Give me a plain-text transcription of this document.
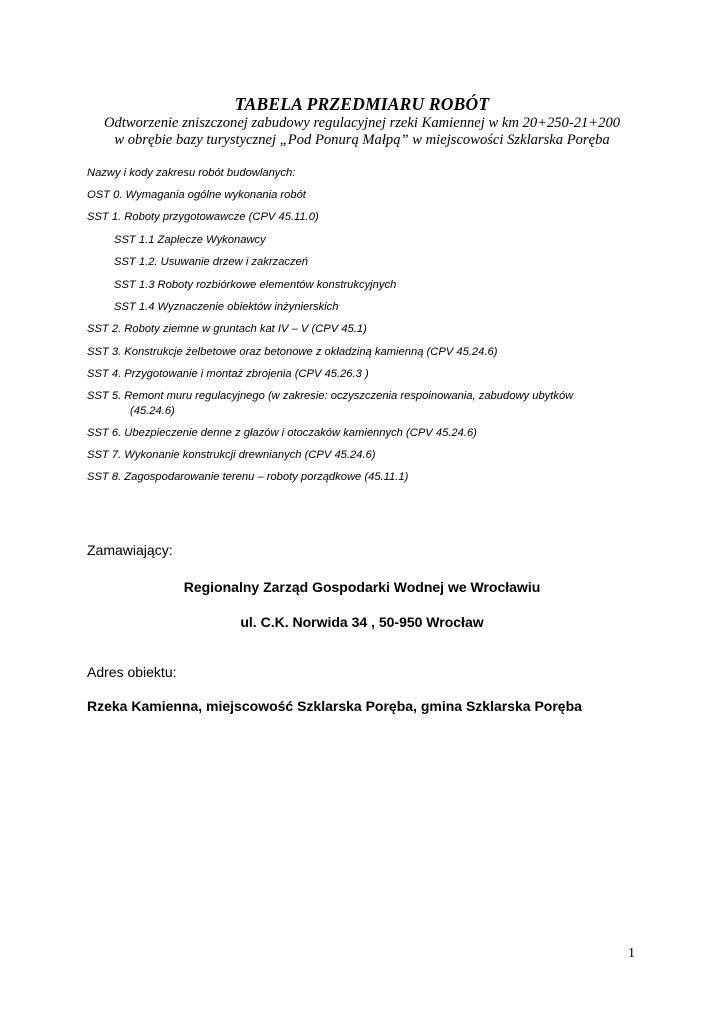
TABELA PRZEDMIARU ROBÓT
Odtworzenie zniszczonej zabudowy regulacyjnej rzeki Kamiennej w km 20+250-21+200
w obrębie bazy turystycznej „Pod Ponurą Małpą” w miejscowości Szklarska Poręba
Nazwy i kody zakresu robót budowlanych:
OST 0. Wymagania ogólne wykonania robót
SST 1. Roboty przygotowawcze (CPV 45.11.0)
SST 1.1 Zaplecze Wykonawcy
SST 1.2. Usuwanie drzew i zakrzaczeń
SST 1.3 Roboty rozbiórkowe elementów konstrukcyjnych
SST 1.4 Wyznaczenie obiektów inżynierskich
SST 2. Roboty ziemne w gruntach kat IV – V (CPV 45.1)
SST 3. Konstrukcje żelbetowe oraz betonowe z okładziną kamienną (CPV 45.24.6)
SST 4. Przygotowanie i montaż zbrojenia (CPV 45.26.3 )
SST 5. Remont muru regulacyjnego (w zakresie: oczyszczenia respoinowania, zabudowy ubytków
(45.24.6)
SST 6. Ubezpieczenie denne z głazów i otoczaków kamiennych (CPV 45.24.6)
SST 7. Wykonanie konstrukcji drewnianych (CPV 45.24.6)
SST 8. Zagospodarowanie terenu – roboty porządkowe (45.11.1)
Zamawiający:
Regionalny Zarząd Gospodarki Wodnej we Wrocławiu
ul. C.K. Norwida 34 , 50-950 Wrocław
Adres obiektu:
Rzeka Kamienna, miejscowość Szklarska Poręba, gmina Szklarska Poręba
1
